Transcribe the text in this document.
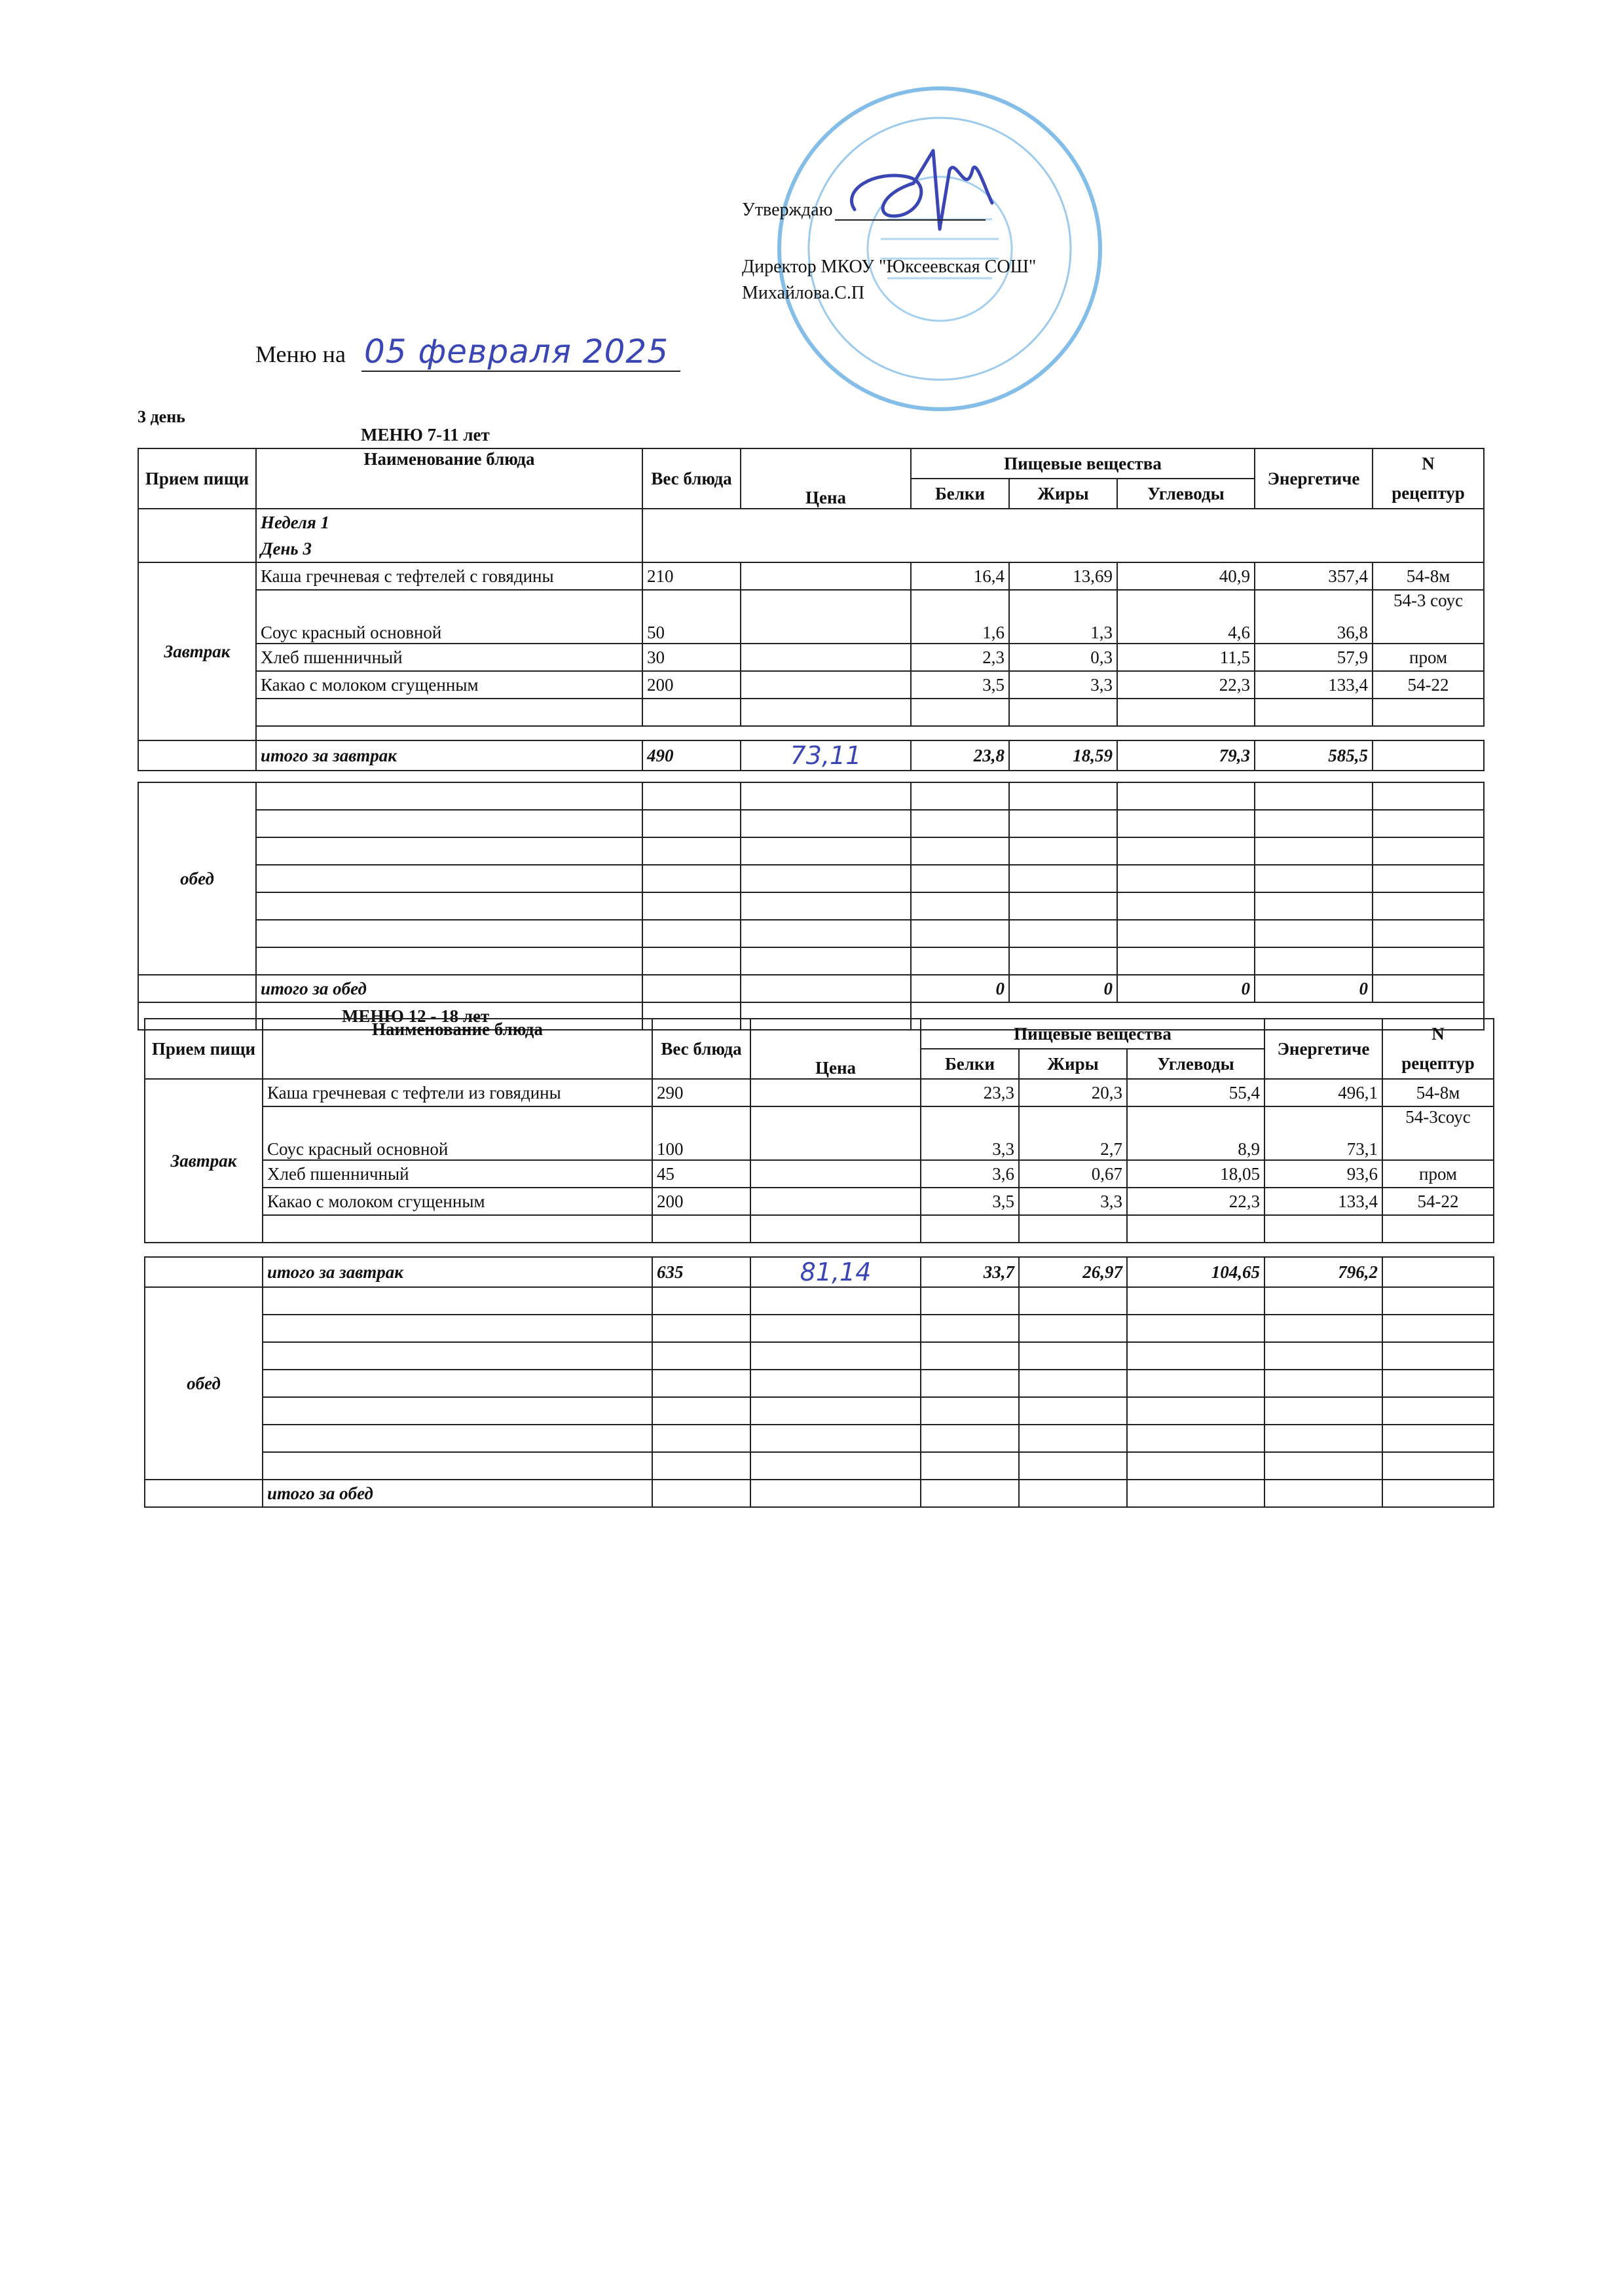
Утверждаю
Директор МКОУ "Юксеевская СОШ"
Михайлова.С.П
Меню на 05 февраля 2025
3 день
	МЕНЮ 7-11 лет							
Прием пищи	Наименование блюда	Вес блюда	Цена	Пищевые вещества			Энергетиче	N
				Белки	Жиры	Углеводы		рецептур
	Неделя 1							
	День 3							
Завтрак	Каша гречневая с тефтелей с говядины	210		16,4	13,69	40,9	357,4	54-8м
	Соус красный основной	50		1,6	1,3	4,6	36,8	54-3 соус
	Хлеб пшенничный	30		2,3	0,3	11,5	57,9	пром
	Какао с молоком сгущенным	200		3,5	3,3	22,3	133,4	54-22

	итого за завтрак	490	73,11	23,8	18,59	79,3	585,5	

обед								

	итого за обед			0	0	0	0	
	МЕНЮ 12 - 18 лет							
Прием пищи	Наименование блюда	Вес блюда	Цена	Пищевые вещества			Энергетиче	N
				Белки	Жиры	Углеводы		рецептур
Завтрак	Каша гречневая с тефтели из говядины	290		23,3	20,3	55,4	496,1	54-8м
	Соус красный основной	100		3,3	2,7	8,9	73,1	54-3соус
	Хлеб пшенничный	45		3,6	0,67	18,05	93,6	пром
	Какао с молоком сгущенным	200		3,5	3,3	22,3	133,4	54-22

	итого за завтрак	635	81,14	33,7	26,97	104,65	796,2	
обед								

	итого за обед							
